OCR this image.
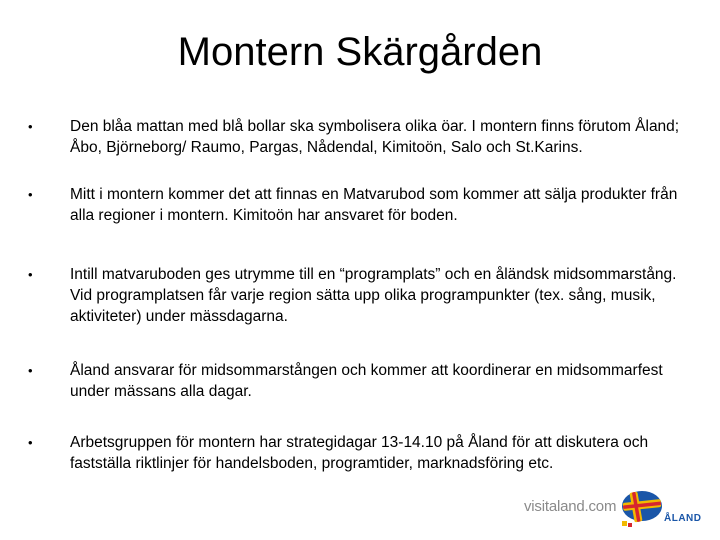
Montern Skärgården
•	Den blåa mattan med blå bollar ska symbolisera olika öar. I montern finns förutom Åland; Åbo, Björneborg/ Raumo, Pargas, Nådendal, Kimitoön, Salo och St.Karins.
•	Mitt i montern kommer det att finnas en Matvarubod som kommer att sälja produkter från alla regioner i montern. Kimitoön har ansvaret för boden.
•	Intill matvaruboden ges utrymme till en “programplats” och en åländsk midsommarstång. Vid programplatsen får varje region sätta upp olika programpunkter (tex. sång, musik, aktiviteter) under mässdagarna.
•	Åland ansvarar för midsommarstången och kommer att koordinerar en midsommarfest under mässans alla dagar.
•	Arbetsgruppen för montern har strategidagar 13-14.10 på Åland för att diskutera och fastställa riktlinjer för handelsboden, programtider, marknadsföring etc.
visitaland.com
ÅLAND
